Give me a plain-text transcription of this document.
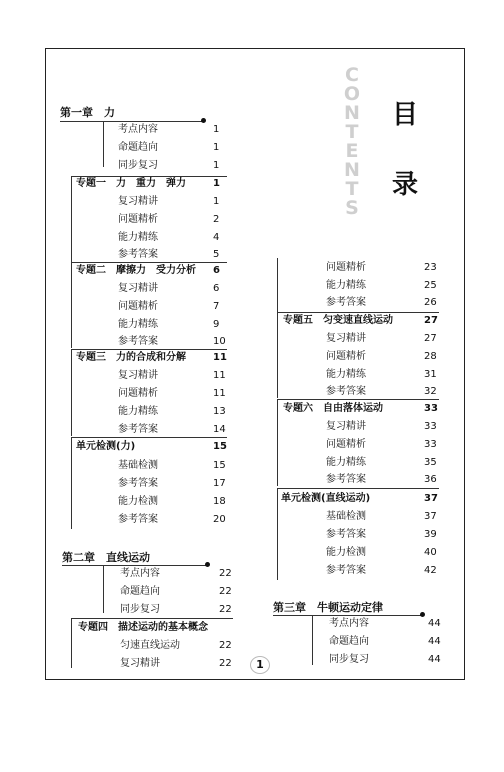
C
O
N
T
E
N
T
S
目
录
第一章　力
考点内容	1
命题趋向	1
同步复习	1
专题一　力　重力　弹力	1
复习精讲	1
问题精析	2
能力精练	4
参考答案	5
专题二　摩擦力　受力分析 6
复习精讲	6
问题精析	7
能力精练	9
参考答案	10
专题三　力的合成和分解	11
复习精讲	11
问题精析	11
能力精练	13
参考答案	14
单元检测(力)	15
基础检测	15
参考答案	17
能力检测	18
参考答案	20
第二章　直线运动
考点内容	22
命题趋向	22
同步复习	22
专题四　描述运动的基本概念
匀速直线运动	22
复习精讲	22
问题精析	23
能力精练	25
参考答案	26
专题五　匀变速直线运动	27
复习精讲	27
问题精析	28
能力精练	31
参考答案	32
专题六　自由落体运动	33
复习精讲	33
问题精析	33
能力精练	35
参考答案	36
单元检测(直线运动)	37
基础检测	37
参考答案	39
能力检测	40
参考答案	42
第三章　牛顿运动定律
考点内容	44
命题趋向	44
同步复习	44
1
